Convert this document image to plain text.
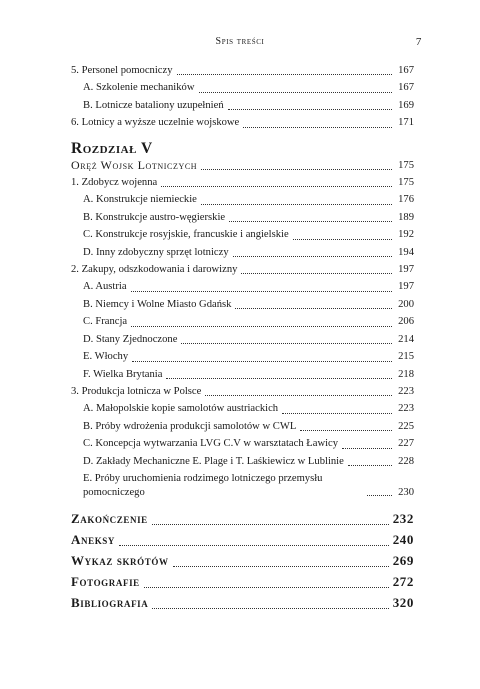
Spis treści	7
5. Personel pomocniczy	167
A. Szkolenie mechaników	167
B. Lotnicze bataliony uzupełnień	169
6. Lotnicy a wyższe uczelnie wojskowe	171
Rozdział V
Oręż Wojsk Lotniczych	175
1. Zdobycz wojenna	175
A. Konstrukcje niemieckie	176
B. Konstrukcje austro-węgierskie	189
C. Konstrukcje rosyjskie, francuskie i angielskie	192
D. Inny zdobyczny sprzęt lotniczy	194
2. Zakupy, odszkodowania i darowizny	197
A. Austria	197
B. Niemcy i Wolne Miasto Gdańsk	200
C. Francja	206
D. Stany Zjednoczone	214
E. Włochy	215
F. Wielka Brytania	218
3. Produkcja lotnicza w Polsce	223
A. Małopolskie kopie samolotów austriackich	223
B. Próby wdrożenia produkcji samolotów w CWL	225
C. Koncepcja wytwarzania LVG C.V w warsztatach Ławicy	227
D. Zakłady Mechaniczne E. Plage i T. Laśkiewicz w Lublinie	228
E. Próby uruchomienia rodzimego lotniczego przemysłu pomocniczego	230
Zakończenie	232
Aneksy	240
Wykaz skrótów	269
Fotografie	272
Bibliografia	320
